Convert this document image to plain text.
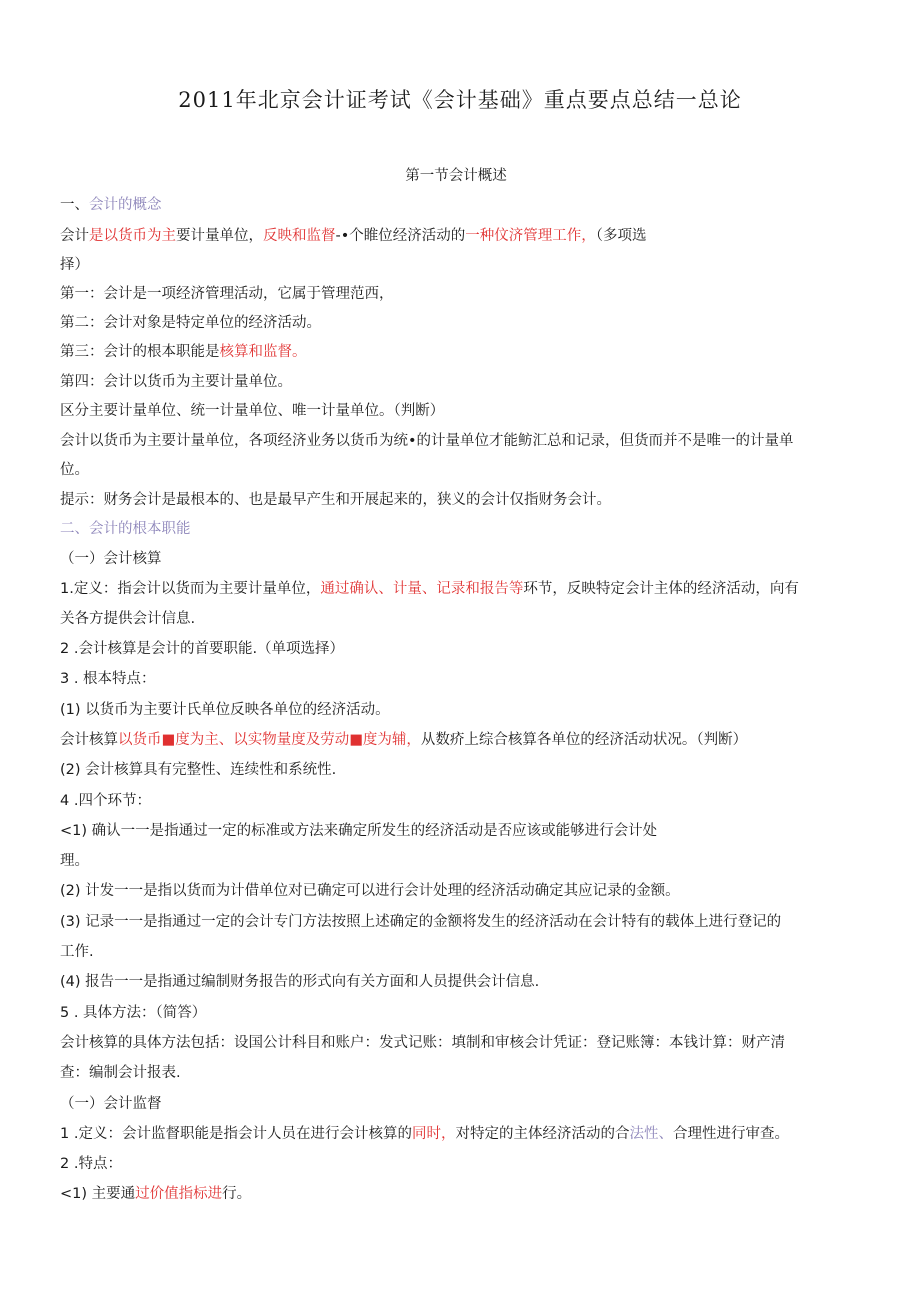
2011年北京会计证考试《会计基础》重点要点总结一总论
第一节会计概述
一、会计的概念
会计是以货币为主要计量单位，反映和监督-•个睢位经济活动的一种伩济管理工作，（多项选
择）
第一：会计是一项经济管理活动，它属于管理范西，
第二：会计对象是特定单位的经济活动。
第三：会计的根本职能是核算和监督。
第四：会计以货币为主要计量单位。
区分主要计量单位、统一计量单位、唯一计量单位。（判断）
会计以货币为主要计量单位，各项经济业务以货币为统•的计量单位才能鲂汇总和记录，但货而并不是唯一的计量单
位。
提示：财务会计是最根本的、也是最早产生和开展起来的，狭义的会计仅指财务会计。
二、会计的根本职能
（一）会计核算
1.定义：指会计以货而为主要计量单位，通过确认、计量、记录和报告等环节，反映特定会计主体的经济活动，向有
关各方提供会计信息.
2 .会计核算是会计的首要职能.（单项选择）
3 . 根本特点：
(1) 以货币为主要计氏单位反映各单位的经济活动。
会计核算以货币■度为主、以实物量度及劳动■度为辅，从数疥上综合核算各单位的经济活动状况。（判断）
(2) 会计核算具有完整性、连续性和系统性.
4 .四个环节：
<1) 确认一一是指通过一定的标准或方法来确定所发生的经济活动是否应该或能够进行会计处
理。
(2) 计发一一是指以货而为计借单位对已确定可以进行会计处理的经济活动确定其应记录的金额。
(3) 记录一一是指通过一定的会计专门方法按照上述确定的金额将发生的经济活动在会计特有的载体上进行登记的
工作.
(4) 报告一一是指通过编制财务报告的形式向有关方面和人员提供会计信息.
5 . 具体方法：（简答）
会计核算的具体方法包括：设国公计科目和账户：发式记账：填制和审核会计凭证：登记账簿：本钱计算：财产清
查：编制会计报表.
（一）会计监督
1 .定义：会计监督职能是指会计人员在进行会计核算的同时，对特定的主体经济活动的合法性、合理性进行审查。
2 .特点：
<1) 主要通过价值指标进行。
